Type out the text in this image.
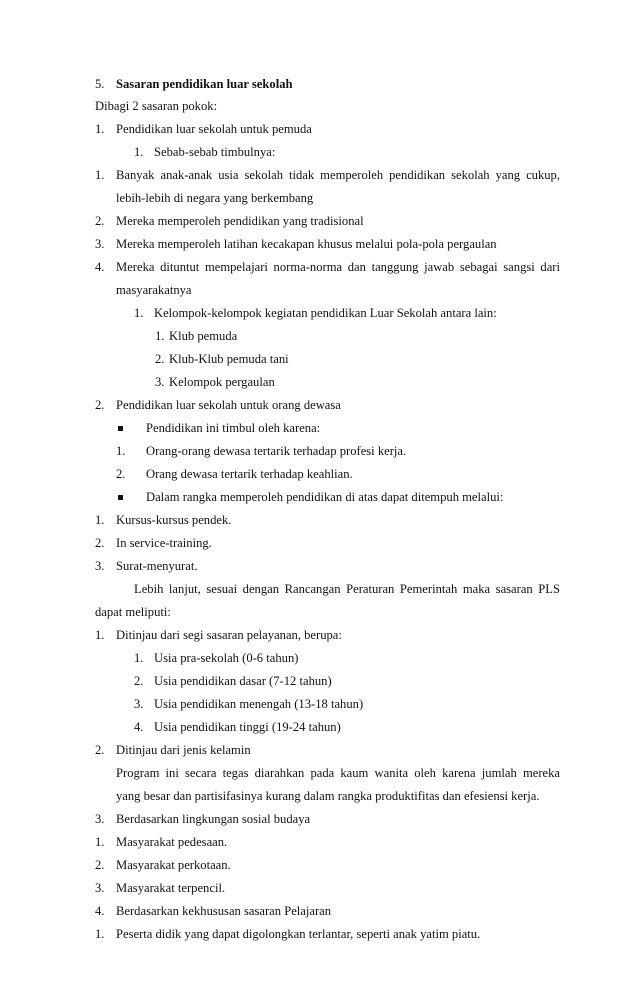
5. Sasaran pendidikan luar sekolah
Dibagi 2 sasaran pokok:
1. Pendidikan luar sekolah untuk pemuda
1. Sebab-sebab timbulnya:
1. Banyak anak-anak usia sekolah tidak memperoleh pendidikan sekolah yang cukup,
lebih-lebih di negara yang berkembang
2. Mereka memperoleh pendidikan yang tradisional
3. Mereka memperoleh latihan kecakapan khusus melalui pola-pola pergaulan
4. Mereka dituntut mempelajari norma-norma dan tanggung jawab sebagai sangsi dari
masyarakatnya
1. Kelompok-kelompok kegiatan pendidikan Luar Sekolah antara lain:
1. Klub pemuda
2. Klub-Klub pemuda tani
3. Kelompok pergaulan
2. Pendidikan luar sekolah untuk orang dewasa
Pendidikan ini timbul oleh karena:
1. Orang-orang dewasa tertarik terhadap profesi kerja.
2. Orang dewasa tertarik terhadap keahlian.
Dalam rangka memperoleh pendidikan di atas dapat ditempuh melalui:
1. Kursus-kursus pendek.
2. In service-training.
3. Surat-menyurat.
Lebih lanjut, sesuai dengan Rancangan Peraturan Pemerintah maka sasaran PLS
dapat meliputi:
1. Ditinjau dari segi sasaran pelayanan, berupa:
1. Usia pra-sekolah (0-6 tahun)
2. Usia pendidikan dasar (7-12 tahun)
3. Usia pendidikan menengah (13-18 tahun)
4. Usia pendidikan tinggi (19-24 tahun)
2. Ditinjau dari jenis kelamin
Program ini secara tegas diarahkan pada kaum wanita oleh karena jumlah mereka
yang besar dan partisifasinya kurang dalam rangka produktifitas dan efesiensi kerja.
3. Berdasarkan lingkungan sosial budaya
1. Masyarakat pedesaan.
2. Masyarakat perkotaan.
3. Masyarakat terpencil.
4. Berdasarkan kekhususan sasaran Pelajaran
1. Peserta didik yang dapat digolongkan terlantar, seperti anak yatim piatu.
